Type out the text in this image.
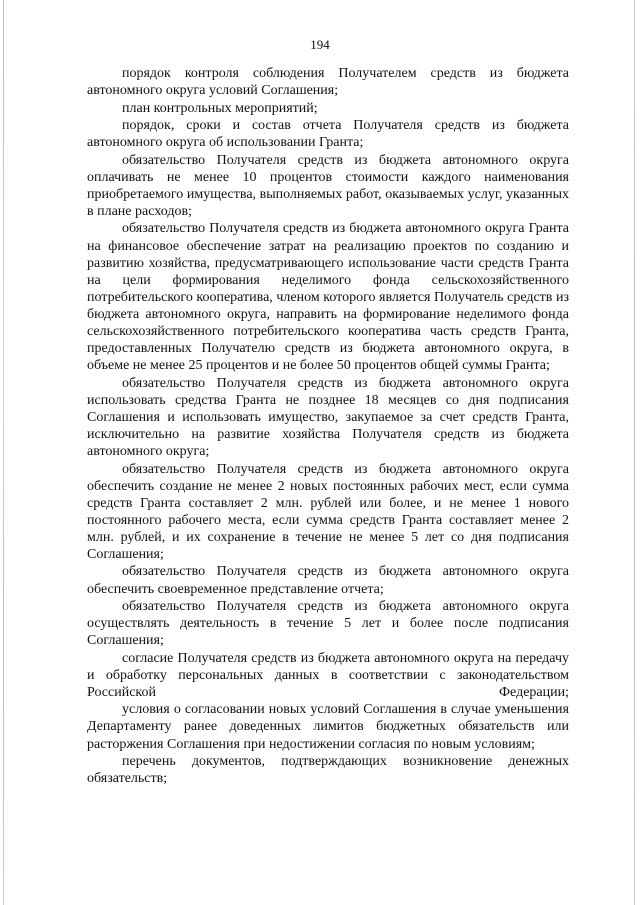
194

порядок контроля соблюдения Получателем средств из бюджета автономного округа условий Соглашения;

план контрольных мероприятий;

порядок, сроки и состав отчета Получателя средств из бюджета автономного округа об использовании Гранта;

обязательство Получателя средств из бюджета автономного округа оплачивать не менее 10 процентов стоимости каждого наименования приобретаемого имущества, выполняемых работ, оказываемых услуг, указанных в плане расходов;

обязательство Получателя средств из бюджета автономного округа Гранта на финансовое обеспечение затрат на реализацию проектов по созданию и развитию хозяйства, предусматривающего использование части средств Гранта на цели формирования неделимого фонда сельскохозяйственного потребительского кооператива, членом которого является Получатель средств из бюджета автономного округа, направить на формирование неделимого фонда сельскохозяйственного потребительского кооператива часть средств Гранта, предоставленных Получателю средств из бюджета автономного округа, в объеме не менее 25 процентов и не более 50 процентов общей суммы Гранта;

обязательство Получателя средств из бюджета автономного округа использовать средства Гранта не позднее 18 месяцев со дня подписания Соглашения и использовать имущество, закупаемое за счет средств Гранта, исключительно на развитие хозяйства Получателя средств из бюджета автономного округа;

обязательство Получателя средств из бюджета автономного округа обеспечить создание не менее 2 новых постоянных рабочих мест, если сумма средств Гранта составляет 2 млн. рублей или более, и не менее 1 нового постоянного рабочего места, если сумма средств Гранта составляет менее 2 млн. рублей, и их сохранение в течение не менее 5 лет со дня подписания Соглашения;

обязательство Получателя средств из бюджета автономного округа обеспечить своевременное представление отчета;

обязательство Получателя средств из бюджета автономного округа осуществлять деятельность в течение 5 лет и более после подписания Соглашения;

согласие Получателя средств из бюджета автономного округа на передачу и обработку персональных данных в соответствии с законодательством Российской Федерации;

условия о согласовании новых условий Соглашения в случае уменьшения Департаменту ранее доведенных лимитов бюджетных обязательств или расторжения Соглашения при недостижении согласия по новым условиям;

перечень документов, подтверждающих возникновение денежных обязательств;
